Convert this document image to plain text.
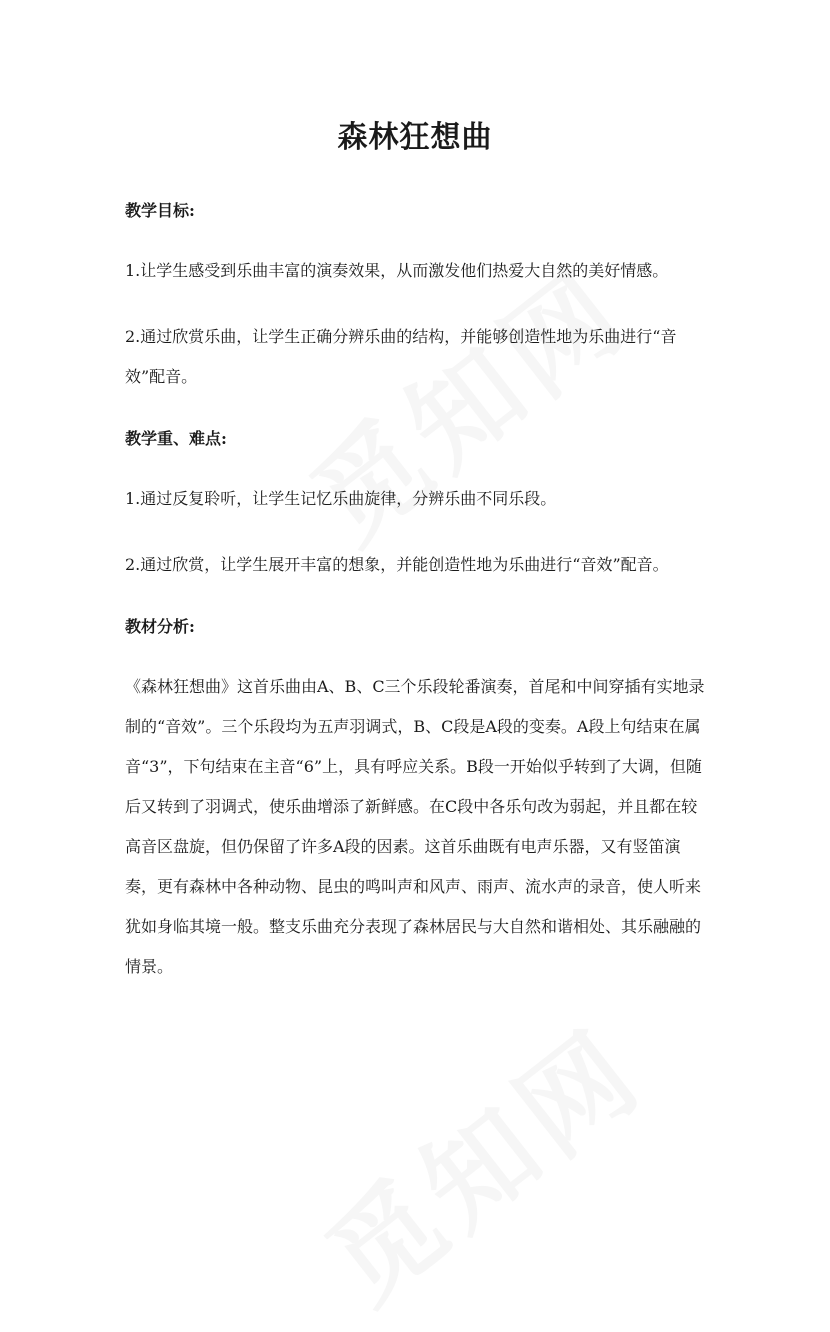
森林狂想曲
教学目标:

1.让学生感受到乐曲丰富的演奏效果，从而激发他们热爱大自然的美好情感。

2.通过欣赏乐曲，让学生正确分辨乐曲的结构，并能够创造性地为乐曲进行“音效”配音。

教学重、难点:

1.通过反复聆听，让学生记忆乐曲旋律，分辨乐曲不同乐段。

2.通过欣赏，让学生展开丰富的想象，并能创造性地为乐曲进行“音效”配音。

教材分析:

《森林狂想曲》这首乐曲由A、B、C三个乐段轮番演奏，首尾和中间穿插有实地录制的“音效”。三个乐段均为五声羽调式，B、C段是A段的变奏。A段上句结束在属音“3”，下句结束在主音“6”上，具有呼应关系。B段一开始似乎转到了大调，但随后又转到了羽调式，使乐曲增添了新鲜感。在C段中各乐句改为弱起，并且都在较高音区盘旋，但仍保留了许多A段的因素。这首乐曲既有电声乐器，又有竖笛演奏，更有森林中各种动物、昆虫的鸣叫声和风声、雨声、流水声的录音，使人听来犹如身临其境一般。整支乐曲充分表现了森林居民与大自然和谐相处、其乐融融的情景。
